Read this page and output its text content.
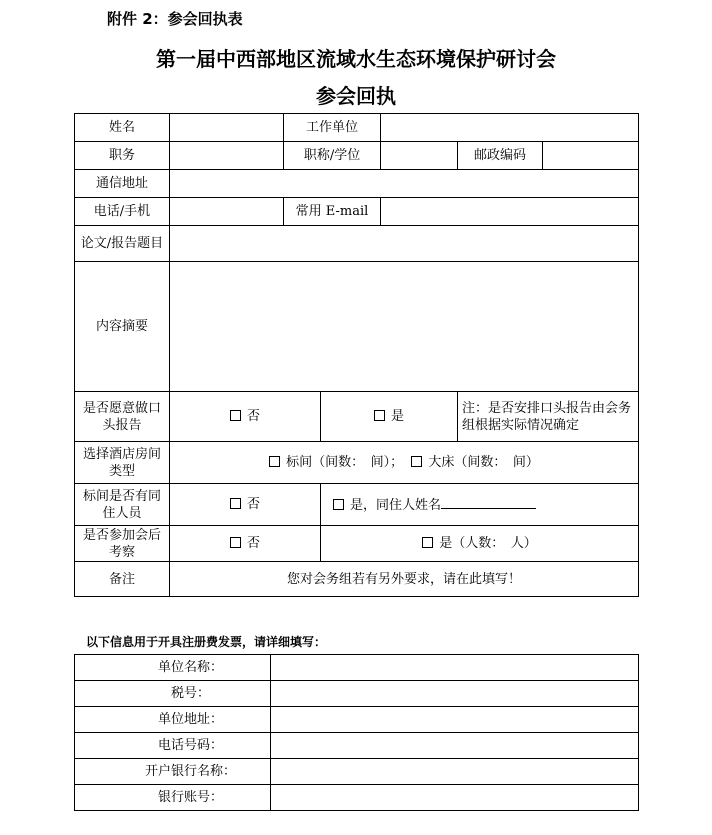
附件 2：参会回执表
第一届中西部地区流域水生态环境保护研讨会
参会回执
姓名		工作单位				
职务		职称/学位			邮政编码	
通信地址						
电话/手机		常用 E-mail				
论文/报告题目						
内容摘要						
是否愿意做口头报告	否		是		注：是否安排口头报告由会务组根据实际情况确定	
选择酒店房间类型	标间（间数：　间）； 大床（间数：　间）					
标间是否有同住人员	否		是，同住人姓名			
是否参加会后考察	否		是（人数：　人）			
备注	您对会务组若有另外要求，请在此填写！					
以下信息用于开具注册费发票，请详细填写：
单位名称：	
税号：	
单位地址：	
电话号码：	
开户银行名称：	
银行账号：	
